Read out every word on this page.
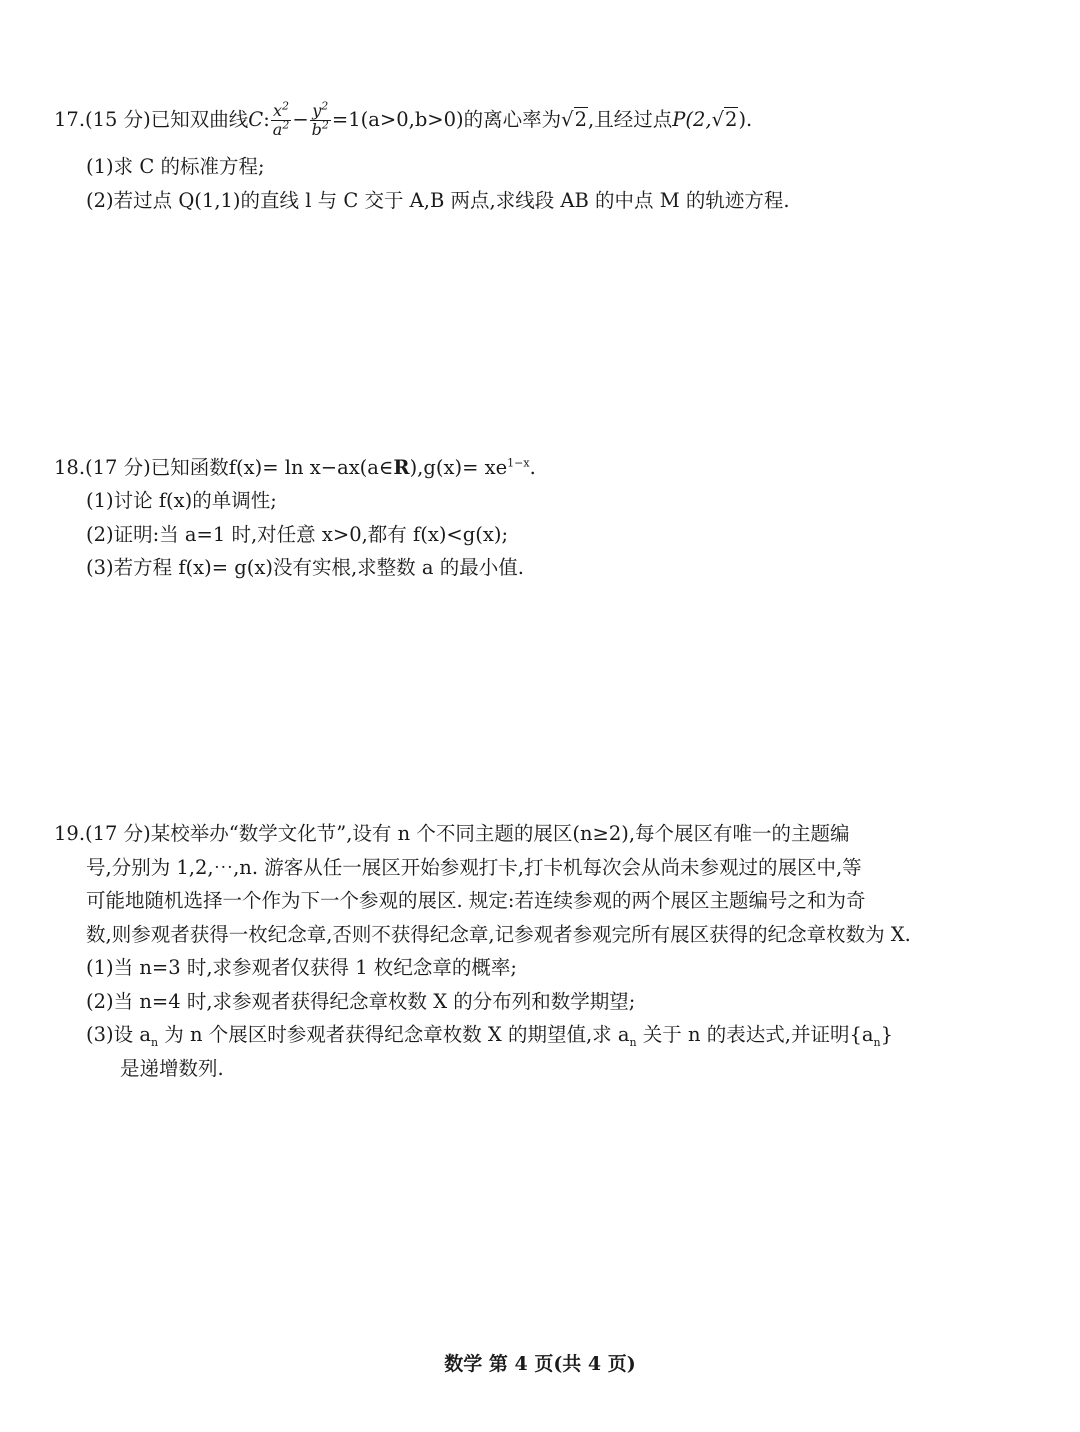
17.(15 分)已知双曲线C: $\frac{x^2}{a^2} - \frac{y^2}{b^2} =1(a>0,b>0)$的离心率为√2,且经过点P(2,√2).
(1)求 C 的标准方程;
(2)若过点 Q(1,1)的直线 l 与 C 交于 A,B 两点,求线段 AB 的中点 M 的轨迹方程.
18.(17 分)已知函数f(x)= ln x−ax(a∈R),g(x)= $xe^{1-x}$.
(1)讨论 f(x)的单调性;
(2)证明:当 a=1 时,对任意 x>0,都有 f(x)<g(x);
(3)若方程 f(x)= g(x)没有实根,求整数 a 的最小值.
19.(17 分)某校举办“数学文化节”,设有 n 个不同主题的展区(n≥2),每个展区有唯一的主题编
号,分别为 1,2,⋯,n. 游客从任一展区开始参观打卡,打卡机每次会从尚未参观过的展区中,等
可能地随机选择一个作为下一个参观的展区. 规定:若连续参观的两个展区主题编号之和为奇
数,则参观者获得一枚纪念章,否则不获得纪念章,记参观者参观完所有展区获得的纪念章枚数为 X.
(1)当 n=3 时,求参观者仅获得 1 枚纪念章的概率;
(2)当 n=4 时,求参观者获得纪念章枚数 X 的分布列和数学期望;
(3)设 $a_n$ 为 n 个展区时参观者获得纪念章枚数 X 的期望值,求 $a_n$ 关于 n 的表达式,并证明$\{a_n\}$
是递增数列.
数学 第 4 页(共 4 页)
